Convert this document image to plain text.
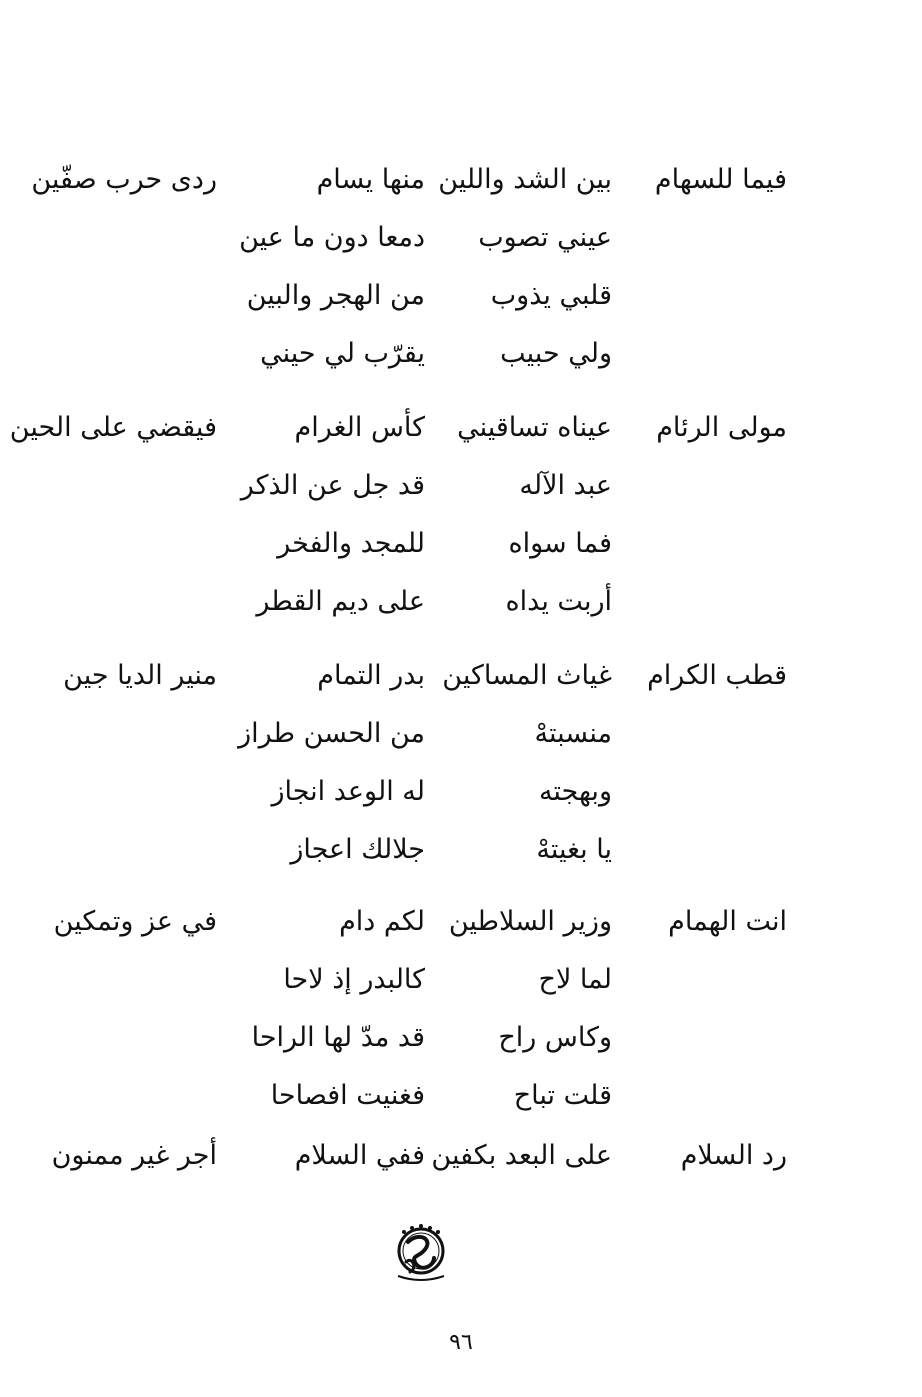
فيما للسهام
بين الشد واللين
منها يسام
ردى حرب صفّين
عيني تصوب
دمعا دون ما عين
قلبي يذوب
من الهجر والبين
ولي حبيب
يقرّب لي حيني
مولى الرئام
عيناه تساقيني
كأس الغرام
فيقضي على الحين
عبد الآله
قد جل عن الذكر
فما سواه
للمجد والفخر
أربت يداه
على ديم القطر
قطب الكرام
غياث المساكين
بدر التمام
منير الديا جين
منسبتهْ
من الحسن طراز
وبهجته
له الوعد انجاز
يا بغيتهْ
جلالك اعجاز
انت الهمام
وزير السلاطين
لكم دام
في عز وتمكين
لما لاح
كالبدر إذ لاحا
وكاس راح
قد مدّ لها الراحا
قلت تباح
فغنيت افصاحا
رد السلام
على البعد بكفين
ففي السلام
أجر غير ممنون
٩٦
